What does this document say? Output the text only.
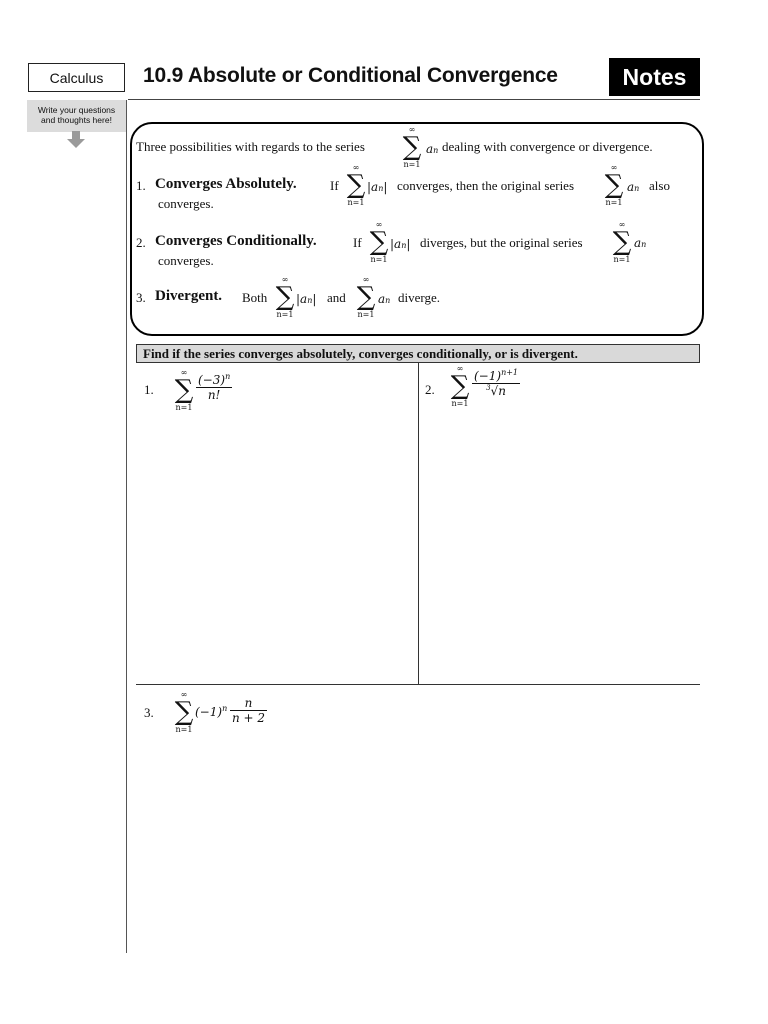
Calculus	10.9 Absolute or Conditional Convergence	Notes
Write your questions
and thoughts here!
Three possibilities with regards to the series
∞
∑
n=1
an dealing with convergence or divergence.
1. Converges Absolutely.	If
∞
∑
n=1
|an| converges, then the original series
∞
∑
n=1
an also
converges.
2. Converges Conditionally.	If
∞
∑
n=1
|an| diverges, but the original series
∞
∑
n=1
an
converges.
3. Divergent. Both
∞
∑
n=1
|an| and
∞
∑
n=1
an diverge.
Find if the series converges absolutely, converges conditionally, or is divergent.
1.
∞
∑
n=1
$\frac{(-3)^n}{n!}$	2.
∞
∑
n=1
$\frac{(-1)^{n+1}}{^3√n}$
3.
∞
∑
n=1
$(-1)^n \frac{n}{n + 2}$
